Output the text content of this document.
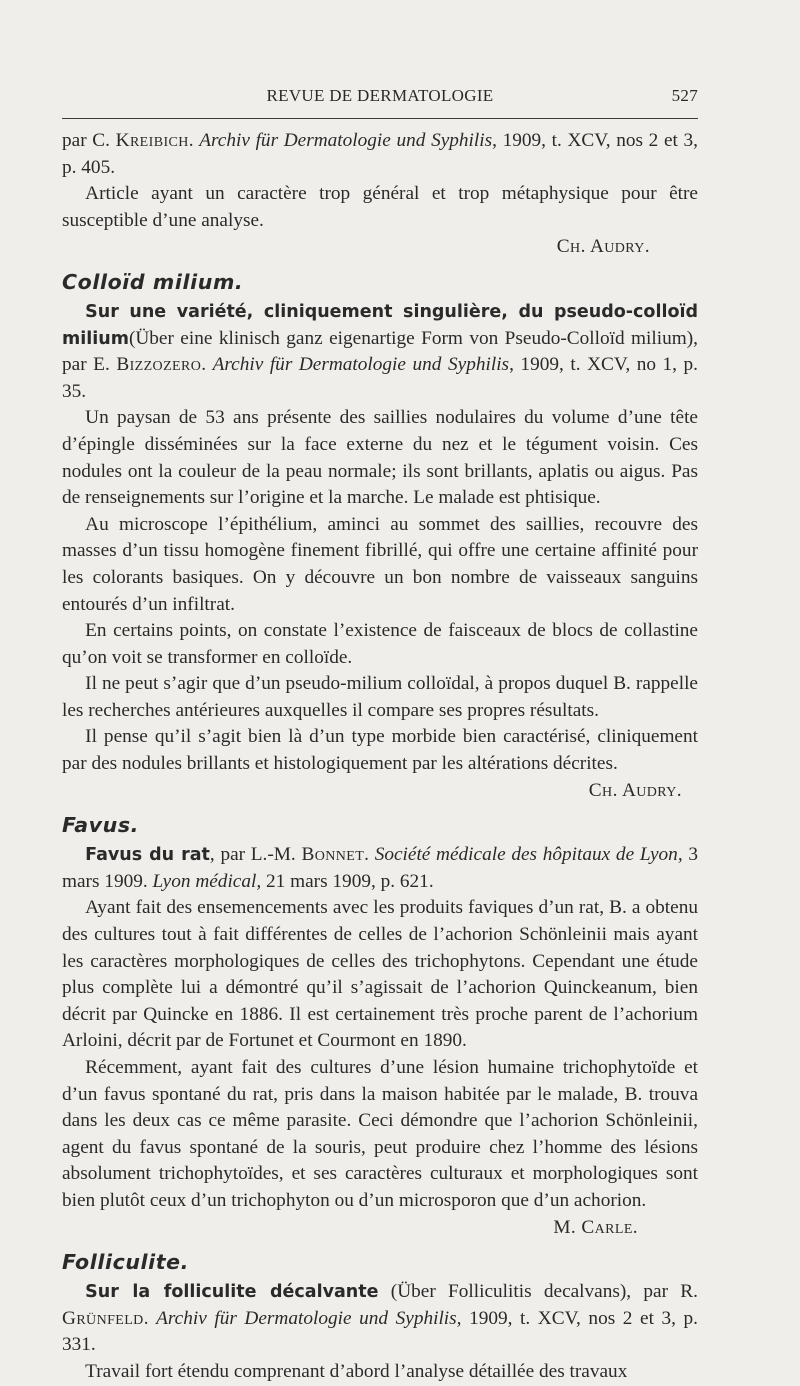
REVUE DE DERMATOLOGIE	527

par C. Kreibich. Archiv für Dermatologie und Syphilis, 1909, t. XCV, nos 2 et 3, p. 405.

Article ayant un caractère trop général et trop métaphysique pour être susceptible d’une analyse.

Ch. Audry.

Colloïd milium.

Sur une variété, cliniquement singulière, du pseudo-colloïd milium(Über eine klinisch ganz eigenartige Form von Pseudo-Colloïd milium), par E. Bizzozero. Archiv für Dermatologie und Syphilis, 1909, t. XCV, no 1, p. 35.

Un paysan de 53 ans présente des saillies nodulaires du volume d’une tête d’épingle disséminées sur la face externe du nez et le tégument voisin. Ces nodules ont la couleur de la peau normale; ils sont brillants, aplatis ou aigus. Pas de renseignements sur l’origine et la marche. Le malade est phtisique.

Au microscope l’épithélium, aminci au sommet des saillies, recouvre des masses d’un tissu homogène finement fibrillé, qui offre une certaine affinité pour les colorants basiques. On y découvre un bon nombre de vaisseaux sanguins entourés d’un infiltrat.

En certains points, on constate l’existence de faisceaux de blocs de collastine qu’on voit se transformer en colloïde.

Il ne peut s’agir que d’un pseudo-milium colloïdal, à propos duquel B. rappelle les recherches antérieures auxquelles il compare ses propres résultats.

Il pense qu’il s’agit bien là d’un type morbide bien caractérisé, cliniquement par des nodules brillants et histologiquement par les altérations décrites.

Ch. Audry.

Favus.

Favus du rat, par L.-M. Bonnet. Société médicale des hôpitaux de Lyon, 3 mars 1909. Lyon médical, 21 mars 1909, p. 621.

Ayant fait des ensemencements avec les produits faviques d’un rat, B. a obtenu des cultures tout à fait différentes de celles de l’achorion Schönleinii mais ayant les caractères morphologiques de celles des trichophytons. Cependant une étude plus complète lui a démontré qu’il s’agissait de l’achorion Quinckeanum, bien décrit par Quincke en 1886. Il est certainement très proche parent de l’achorium Arloini, décrit par de Fortunet et Courmont en 1890.

Récemment, ayant fait des cultures d’une lésion humaine trichophytoïde et d’un favus spontané du rat, pris dans la maison habitée par le malade, B. trouva dans les deux cas ce même parasite. Ceci démondre que l’achorion Schönleinii, agent du favus spontané de la souris, peut produire chez l’homme des lésions absolument trichophytoïdes, et ses caractères culturaux et morphologiques sont bien plutôt ceux d’un trichophyton ou d’un microsporon que d’un achorion.

M. Carle.

Folliculite.

Sur la folliculite décalvante (Über Folliculitis decalvans), par R. Grünfeld. Archiv für Dermatologie und Syphilis, 1909, t. XCV, nos 2 et 3, p. 331.

Travail fort étendu comprenant d’abord l’analyse détaillée des travaux
